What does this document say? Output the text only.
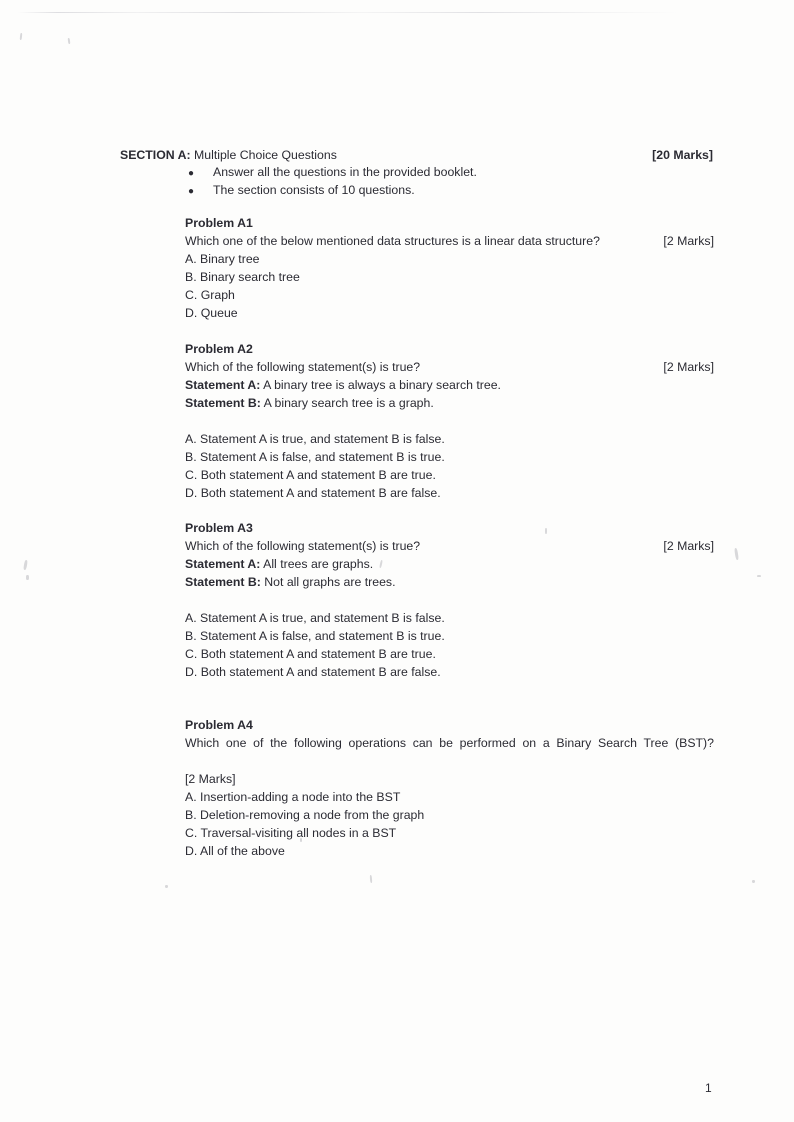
SECTION A: Multiple Choice Questions	[20 Marks]
●	Answer all the questions in the provided booklet.
●	The section consists of 10 questions.
Problem A1
Which one of the below mentioned data structures is a linear data structure?	[2 Marks]
A. Binary tree
B. Binary search tree
C. Graph
D. Queue
Problem A2
Which of the following statement(s) is true?	[2 Marks]
Statement A: A binary tree is always a binary search tree.
Statement B: A binary search tree is a graph.
A. Statement A is true, and statement B is false.
B. Statement A is false, and statement B is true.
C. Both statement A and statement B are true.
D. Both statement A and statement B are false.
Problem A3
Which of the following statement(s) is true?	[2 Marks]
Statement A: All trees are graphs.
Statement B: Not all graphs are trees.
A. Statement A is true, and statement B is false.
B. Statement A is false, and statement B is true.
C. Both statement A and statement B are true.
D. Both statement A and statement B are false.
Problem A4
Which one of the following operations can be performed on a Binary Search Tree (BST)?
[2 Marks]
A. Insertion-adding a node into the BST
B. Deletion-removing a node from the graph
C. Traversal-visiting all nodes in a BST
D. All of the above
1
